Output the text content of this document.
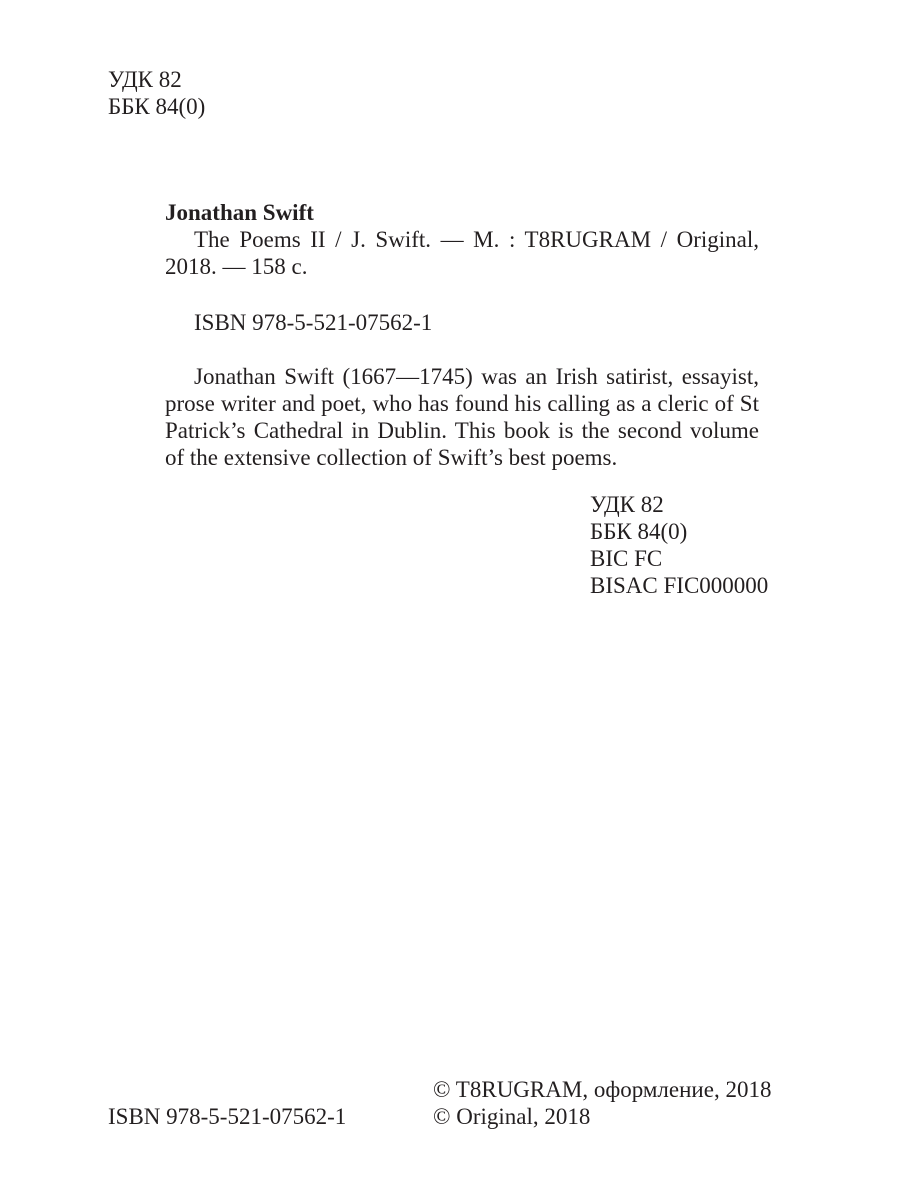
УДК 82
ББК 84(0)
Jonathan Swift

The Poems II / J. Swift. — M. : T8RUGRAM / Original, 2018. — 158 c.

ISBN 978-5-521-07562-1

Jonathan Swift (1667—1745) was an Irish satirist, essayist, prose writer and poet, who has found his calling as a cleric of St Patrick’s Cathedral in Dublin. This book is the second volume of the extensive collection of Swift’s best poems.

УДК 82
ББК 84(0)
BIC FC
BISAC FIC000000
ISBN 978-5-521-07562-1
© T8RUGRAM, оформление, 2018
© Original, 2018
